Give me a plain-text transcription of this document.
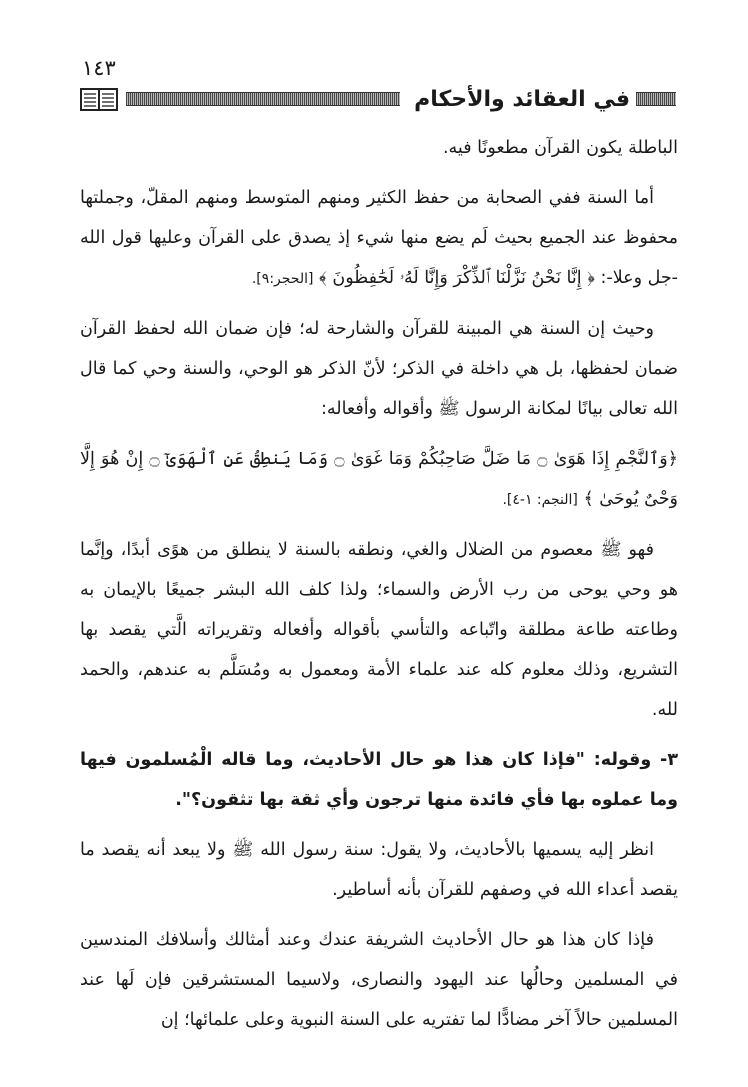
١٤٣
في العقائد والأحكام

الباطلة يكون القرآن مطعونًا فيه.

أما السنة ففي الصحابة من حفظ الكثير ومنهم المتوسط ومنهم المقلّ، وجملتها محفوظ عند الجميع بحيث لَم يضع منها شيء إذ يصدق على القرآن وعليها قول الله -جل وعلا-: ﴿ إِنَّا نَحْنُ نَزَّلْنَا ٱلذِّكْرَ وَإِنَّا لَهُۥ لَحَٰفِظُونَ ﴾ [الحجر:٩].

وحيث إن السنة هي المبينة للقرآن والشارحة له؛ فإن ضمان الله لحفظ القرآن ضمان لحفظها، بل هي داخلة في الذكر؛ لأنّ الذكر هو الوحي، والسنة وحي كما قال الله تعالى بيانًا لمكانة الرسول ﷺ وأقواله وأفعاله:

﴿وَٱلنَّجْمِ إِذَا هَوَىٰ ۝ مَا ضَلَّ صَاحِبُكُمْ وَمَا غَوَىٰ ۝ وَمَا يَنطِقُ عَنِ ٱلْهَوَىٰٓ ۝ إِنْ هُوَ إِلَّا وَحْىٌ يُوحَىٰ ﴾ [النجم: ١-٤].

فهو ﷺ معصوم من الضلال والغي، ونطقه بالسنة لا ينطلق من هوًى أبدًا، وإنَّما هو وحي يوحى من رب الأرض والسماء؛ ولذا كلف الله البشر جميعًا بالإيمان به وطاعته طاعة مطلقة واتّباعه والتأسي بأقواله وأفعاله وتقريراته الَّتي يقصد بها التشريع، وذلك معلوم كله عند علماء الأمة ومعمول به ومُسَلَّم به عندهم، والحمد لله.

٣- وقوله: "فإذا كان هذا هو حال الأحاديث، وما قاله الْمُسلمون فيها وما عملوه بها فأي فائدة منها ترجون وأي ثقة بها تثقون؟".

انظر إليه يسميها بالأحاديث، ولا يقول: سنة رسول الله ﷺ ولا يبعد أنه يقصد ما يقصد أعداء الله في وصفهم للقرآن بأنه أساطير.

فإذا كان هذا هو حال الأحاديث الشريفة عندك وعند أمثالك وأسلافك المندسين في المسلمين وحالُها عند اليهود والنصارى، ولاسيما المستشرقين فإن لَها عند المسلمين حالاً آخر مضادًّا لما تفتريه على السنة النبوية وعلى علمائها؛ إن
